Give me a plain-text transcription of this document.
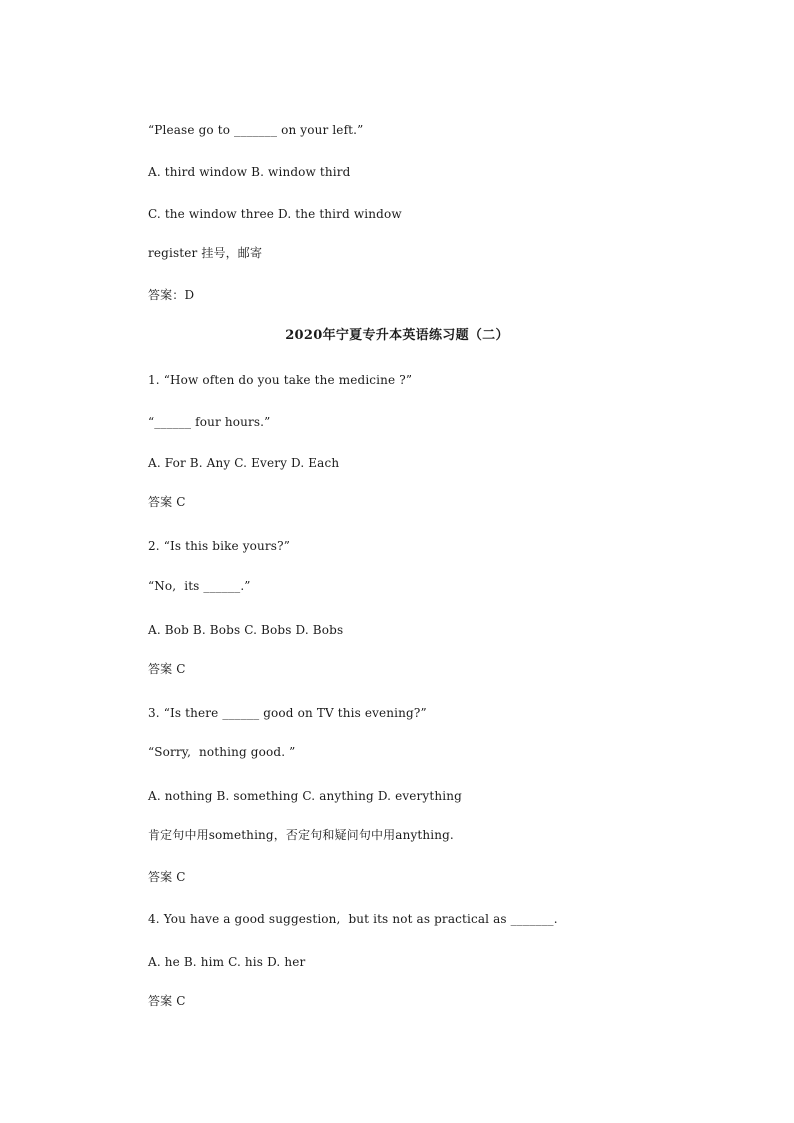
“Please go to _______ on your left.”
A. third window B. window third
C. the window three D. the third window
register 挂号，邮寄
答案：D
2020年宁夏专升本英语练习题（二）
1. “How often do you take the medicine ?”
“______ four hours.”
A. For B. Any C. Every D. Each
答案 C
2. “Is this bike yours?”
“No,  its ______.”
A. Bob B. Bobs C. Bobs D. Bobs
答案 C
3. “Is there ______ good on TV this evening?”
“Sorry,  nothing good. ”
A. nothing B. something C. anything D. everything
肯定句中用something，否定句和疑问句中用anything.
答案 C
4. You have a good suggestion,  but its not as practical as _______.
A. he B. him C. his D. her
答案 C
